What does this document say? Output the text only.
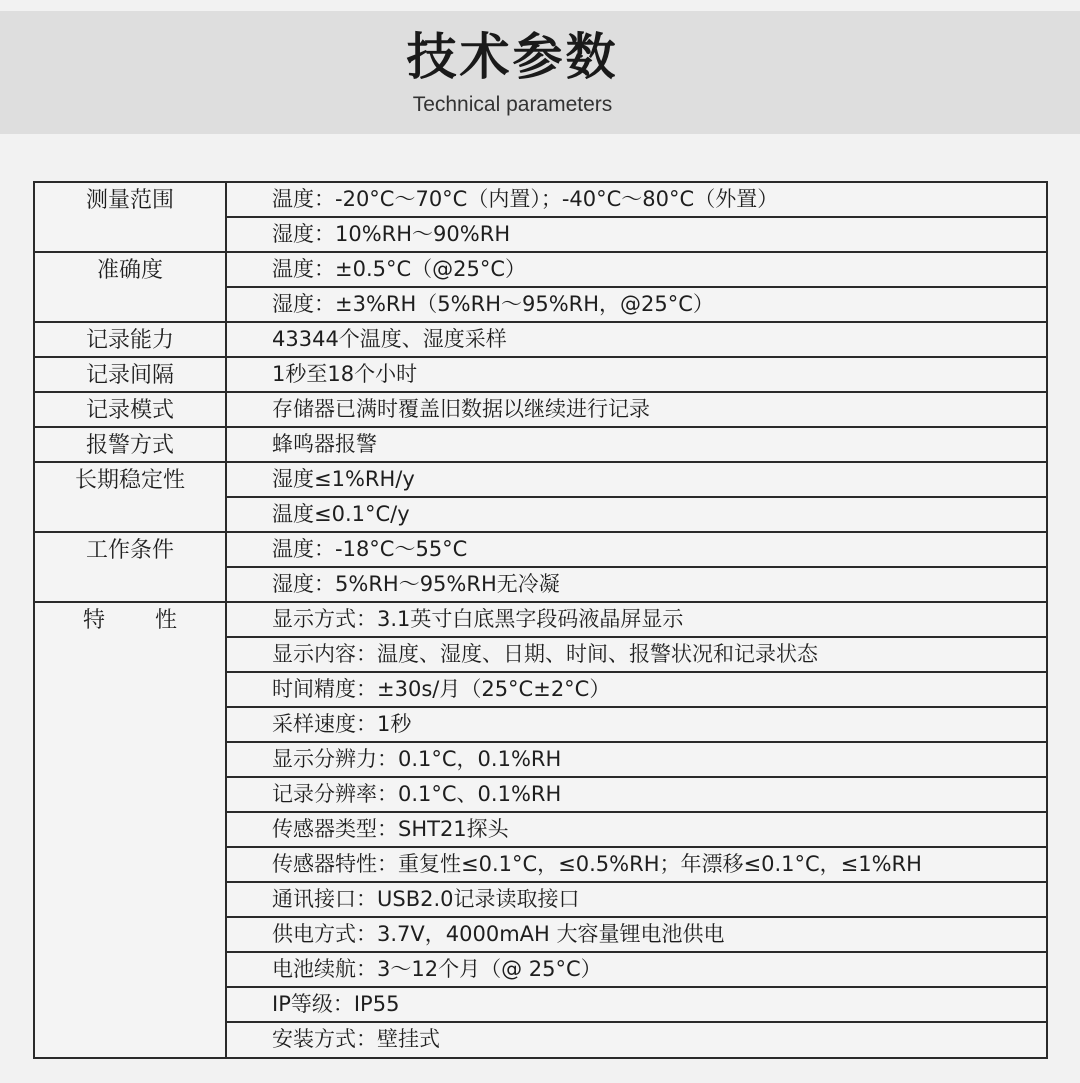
技术参数
Technical parameters
测量范围	温度：-20°C～70°C（内置）；-40°C～80°C（外置）
湿度：10%RH～90%RH
准确度	温度：±0.5°C（@25°C）
湿度：±3%RH（5%RH～95%RH，@25°C）
记录能力	43344个温度、湿度采样
记录间隔	1秒至18个小时
记录模式	存储器已满时覆盖旧数据以继续进行记录
报警方式	蜂鸣器报警
长期稳定性	湿度≤1%RH/y
温度≤0.1°C/y
工作条件	温度：-18°C～55°C
湿度：5%RH～95%RH无冷凝
特 性	显示方式：3.1英寸白底黑字段码液晶屏显示
显示内容：温度、湿度、日期、时间、报警状况和记录状态
时间精度：±30s/月（25°C±2°C）
采样速度：1秒
显示分辨力：0.1°C，0.1%RH
记录分辨率：0.1°C、0.1%RH
传感器类型：SHT21探头
传感器特性：重复性≤0.1°C，≤0.5%RH；年漂移≤0.1°C，≤1%RH
通讯接口：USB2.0记录读取接口
供电方式：3.7V，4000mAH 大容量锂电池供电
电池续航：3～12个月（@ 25°C）
IP等级：IP55
安装方式：壁挂式
